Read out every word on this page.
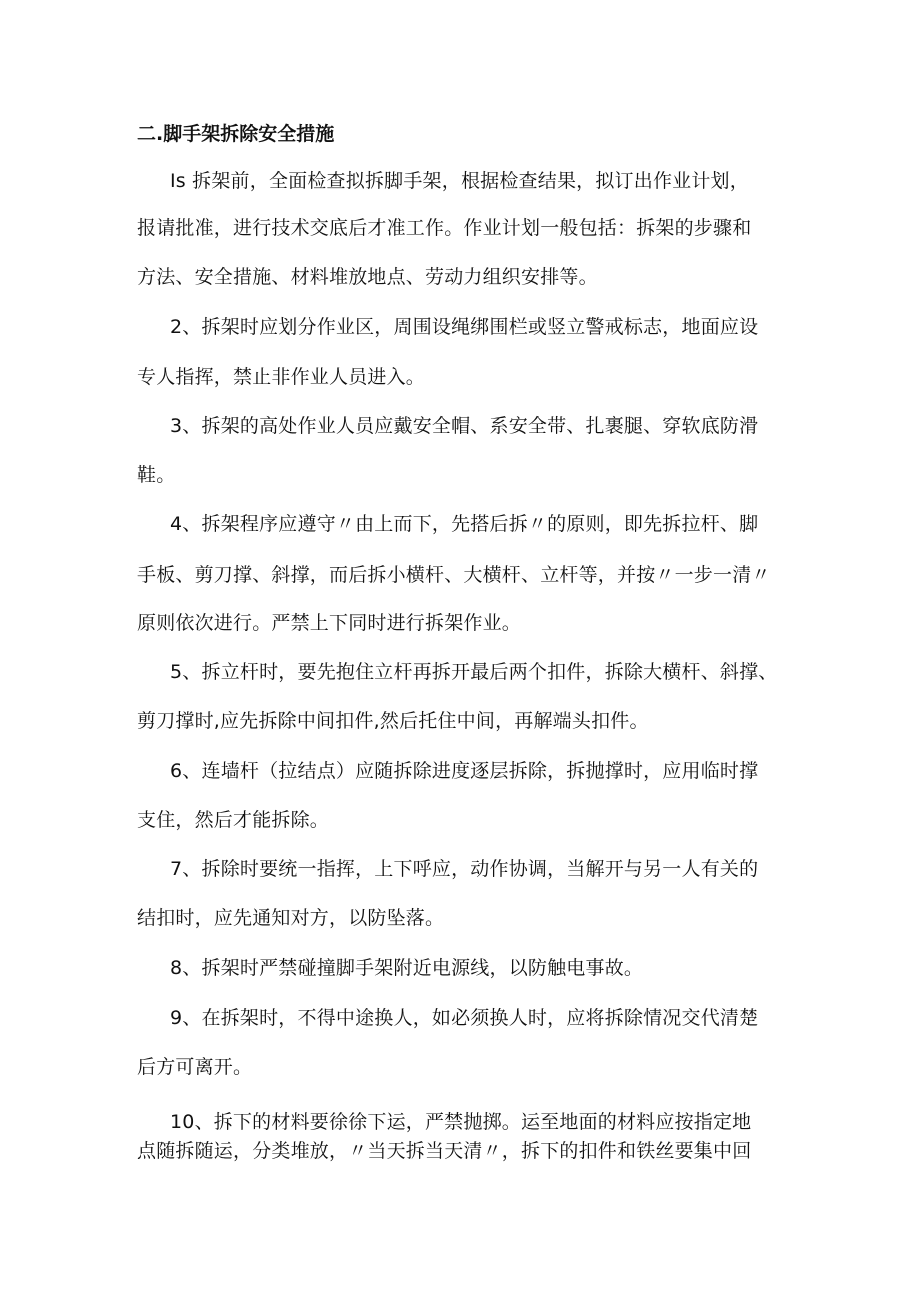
二.脚手架拆除安全措施
Is 拆架前，全面检查拟拆脚手架，根据检查结果，拟订出作业计划，
报请批准，进行技术交底后才准工作。作业计划一般包括：拆架的步骤和
方法、安全措施、材料堆放地点、劳动力组织安排等。
2、拆架时应划分作业区，周围设绳绑围栏或竖立警戒标志，地面应设
专人指挥，禁止非作业人员进入。
3、拆架的高处作业人员应戴安全帽、系安全带、扎裹腿、穿软底防滑
鞋。
4、拆架程序应遵守〃由上而下，先搭后拆〃的原则，即先拆拉杆、脚
手板、剪刀撑、斜撑，而后拆小横杆、大横杆、立杆等，并按〃一步一清〃
原则依次进行。严禁上下同时进行拆架作业。
5、拆立杆时，要先抱住立杆再拆开最后两个扣件，拆除大横杆、斜撑、
剪刀撑时,应先拆除中间扣件,然后托住中间，再解端头扣件。
6、连墙杆（拉结点）应随拆除进度逐层拆除，拆抛撑时，应用临时撑
支住，然后才能拆除。
7、拆除时要统一指挥，上下呼应，动作协调，当解开与另一人有关的
结扣时，应先通知对方，以防坠落。
8、拆架时严禁碰撞脚手架附近电源线，以防触电事故。
9、在拆架时，不得中途换人，如必须换人时，应将拆除情况交代清楚
后方可离开。
10、拆下的材料要徐徐下运，严禁抛掷。运至地面的材料应按指定地
点随拆随运，分类堆放，〃当天拆当天清〃，拆下的扣件和铁丝要集中回
